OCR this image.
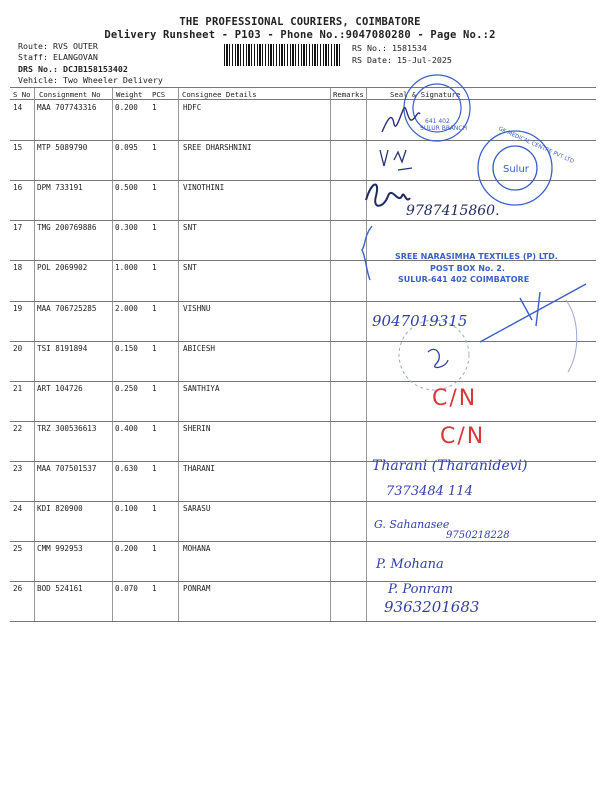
THE PROFESSIONAL COURIERS, COIMBATORE
Delivery Runsheet - P103 - Phone No.:9047080280 - Page No.:2
Route: RVS OUTER
Staff: ELANGOVAN
DRS No.: DCJB158153402
Vehicle: Two Wheeler Delivery
RS No.: 1581534
RS Date: 15-Jul-2025
S No Consignment No Weight PCS Consignee Details	Remarks	Seal & Signature
14 MAA 707743316 0.200 1	HDFC
15 MTP 5089790	0.095 1	SREE DHARSHNINI
16 DPM 733191	0.500 1	VINOTHINI
17 TMG 200769886 0.300 1	SNT
18 POL 2069902	1.000 1	SNT
19 MAA 706725285 2.000 1	VISHNU
20 TSI 8191894	0.150 1	ABICESH
21 ART 104726	0.250 1	SANTHIYA
22 TRZ 300536613 0.400 1	SHERIN
23 MAA 707501537 0.630 1	THARANI
24 KDI 820900	0.100 1	SARASU
25 CMM 992953	0.200 1	MOHANA
26 BOD 524161	0.070 1	PONRAM
SULUR BRANCH
641 402
Sulur
GK MEDICAL CENTRE PVT LTD
SREE NARASIMHA TEXTILES (P) LTD.
POST BOX No. 2.
SULUR-641 402 COIMBATORE
9787415860.
9047019315
C/N
C/N
Tharani (Tharanidevi)
7373484 114
G. Sahanasee
9750218228
P. Mohana
P. Ponram
9363201683
